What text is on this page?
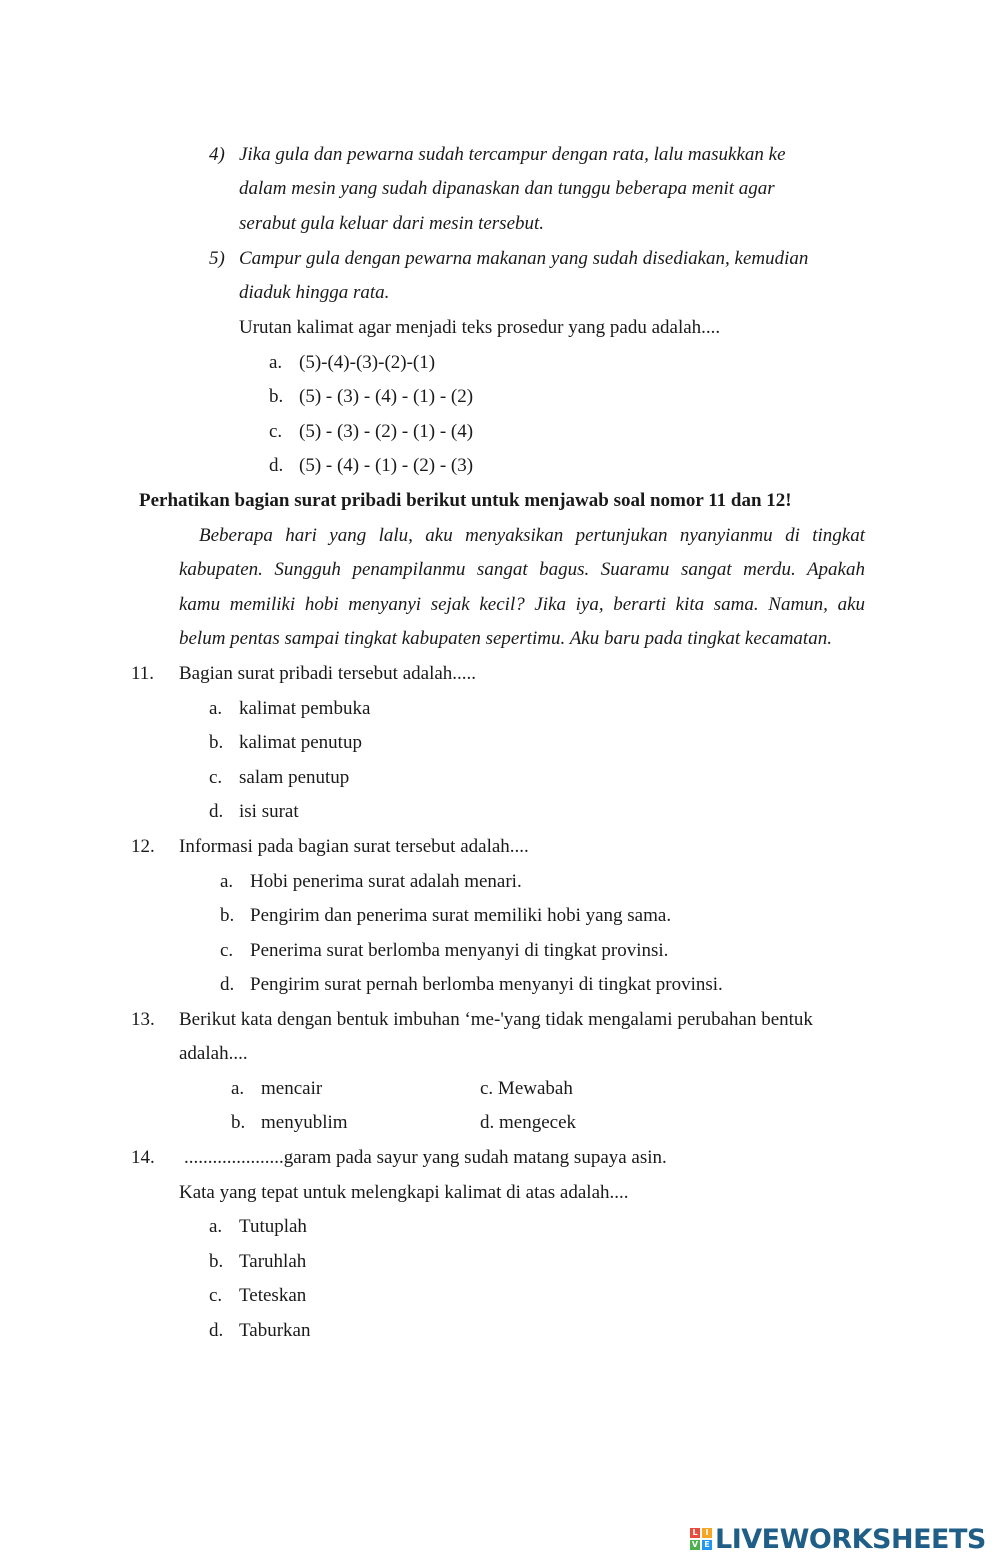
4) Jika gula dan pewarna sudah tercampur dengan rata, lalu masukkan ke
dalam mesin yang sudah dipanaskan dan tunggu beberapa menit agar
serabut gula keluar dari mesin tersebut.
5) Campur gula dengan pewarna makanan yang sudah disediakan, kemudian
diaduk hingga rata.
Urutan kalimat agar menjadi teks prosedur yang padu adalah....
a. (5)-(4)-(3)-(2)-(1)
b. (5) - (3) - (4) - (1) - (2)
c. (5) - (3) - (2) - (1) - (4)
d. (5) - (4) - (1) - (2) - (3)
Perhatikan bagian surat pribadi berikut untuk menjawab soal nomor 11 dan 12!
Beberapa hari yang lalu, aku menyaksikan pertunjukan nyanyianmu di tingkat
kabupaten. Sungguh penampilanmu sangat bagus. Suaramu sangat merdu. Apakah
kamu memiliki hobi menyanyi sejak kecil? Jika iya, berarti kita sama. Namun, aku
belum pentas sampai tingkat kabupaten sepertimu. Aku baru pada tingkat kecamatan.
11. Bagian surat pribadi tersebut adalah.....
a. kalimat pembuka
b. kalimat penutup
c. salam penutup
d. isi surat
12. Informasi pada bagian surat tersebut adalah....
a. Hobi penerima surat adalah menari.
b. Pengirim dan penerima surat memiliki hobi yang sama.
c. Penerima surat berlomba menyanyi di tingkat provinsi.
d. Pengirim surat pernah berlomba menyanyi di tingkat provinsi.
13. Berikut kata dengan bentuk imbuhan ‘me-'yang tidak mengalami perubahan bentuk
adalah....
a. mencair
b. menyublim
c. Mewabah
d. mengecek
14. .....................garam pada sayur yang sudah matang supaya asin.
Kata yang tepat untuk melengkapi kalimat di atas adalah....
a. Tutuplah
b. Taruhlah
c. Teteskan
d. Taburkan
L I
V E LIVEWORKSHEETS
